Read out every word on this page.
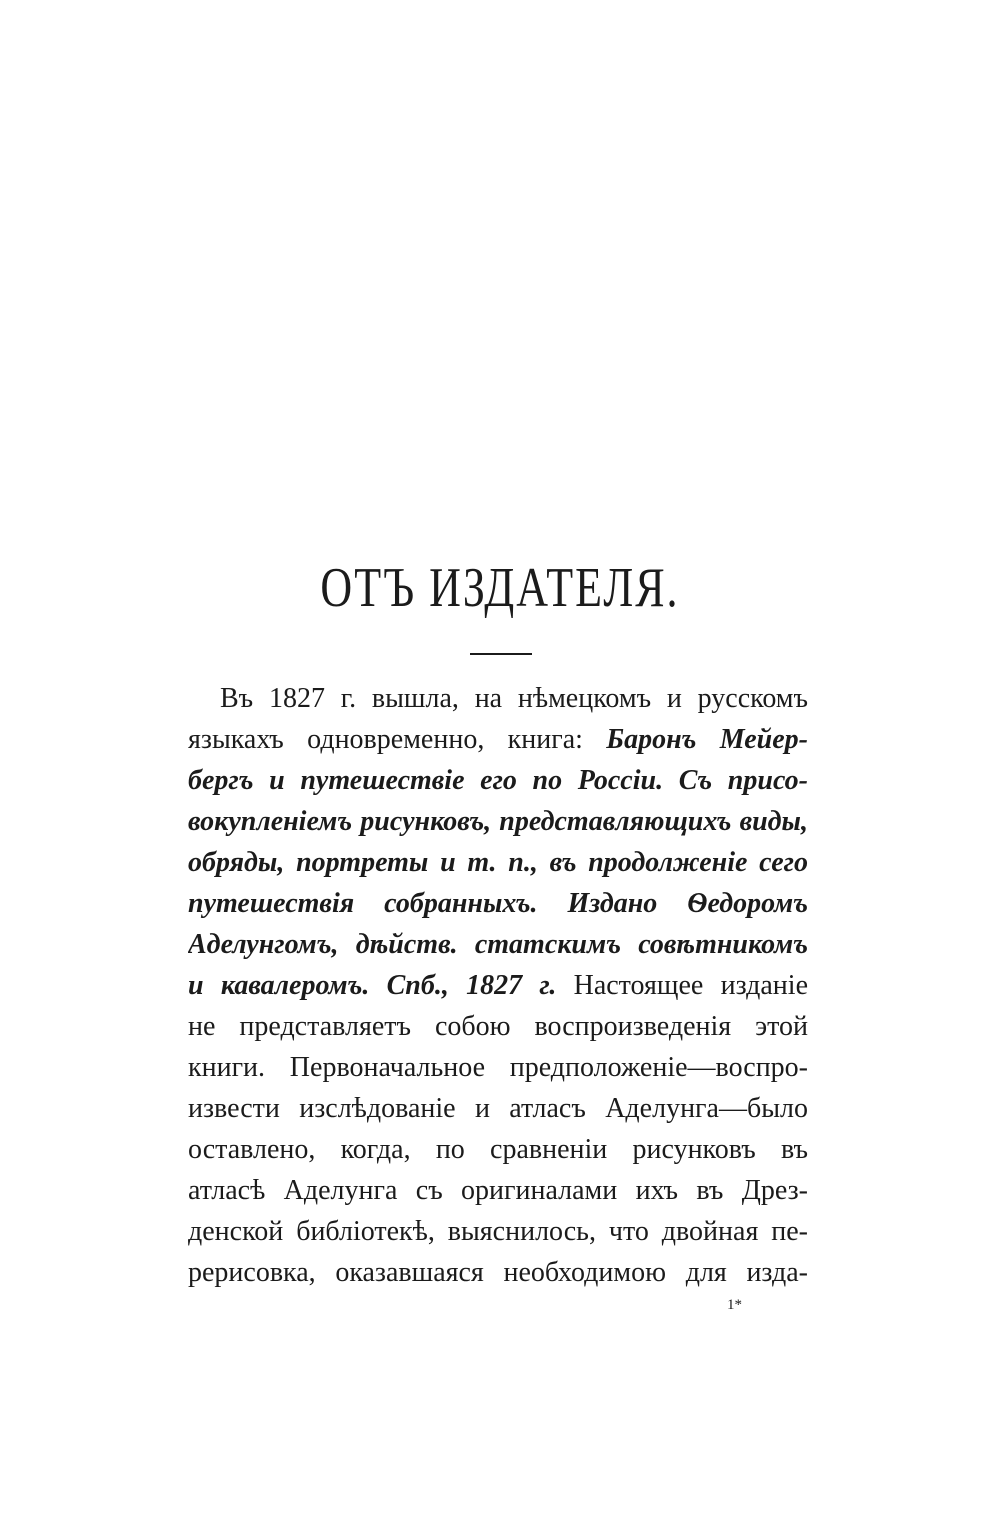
ОТЪ ИЗДАТЕЛЯ.
Въ 1827 г. вышла, на нѣмецкомъ и русскомъ
языкахъ одновременно, книга: Баронъ Мейер-
бергъ и путешествіе его по Россіи. Съ присо-
вокупленіемъ рисунковъ, представляющихъ виды,
обряды, портреты и т. п., въ продолженіе сего
путешествія собранныхъ. Издано Ѳедоромъ
Аделунгомъ, дѣйств. статскимъ совѣтникомъ
и кавалеромъ. Спб., 1827 г. Настоящее изданіе
не представляетъ собою воспроизведенія этой
книги. Первоначальное предположеніе—воспро-
извести изслѣдованіе и атласъ Аделунга—было
оставлено, когда, по сравненіи рисунковъ въ
атласѣ Аделунга съ оригиналами ихъ въ Дрез-
денской библіотекѣ, выяснилось, что двойная пе-
рерисовка, оказавшаяся необходимою для изда-
1*
